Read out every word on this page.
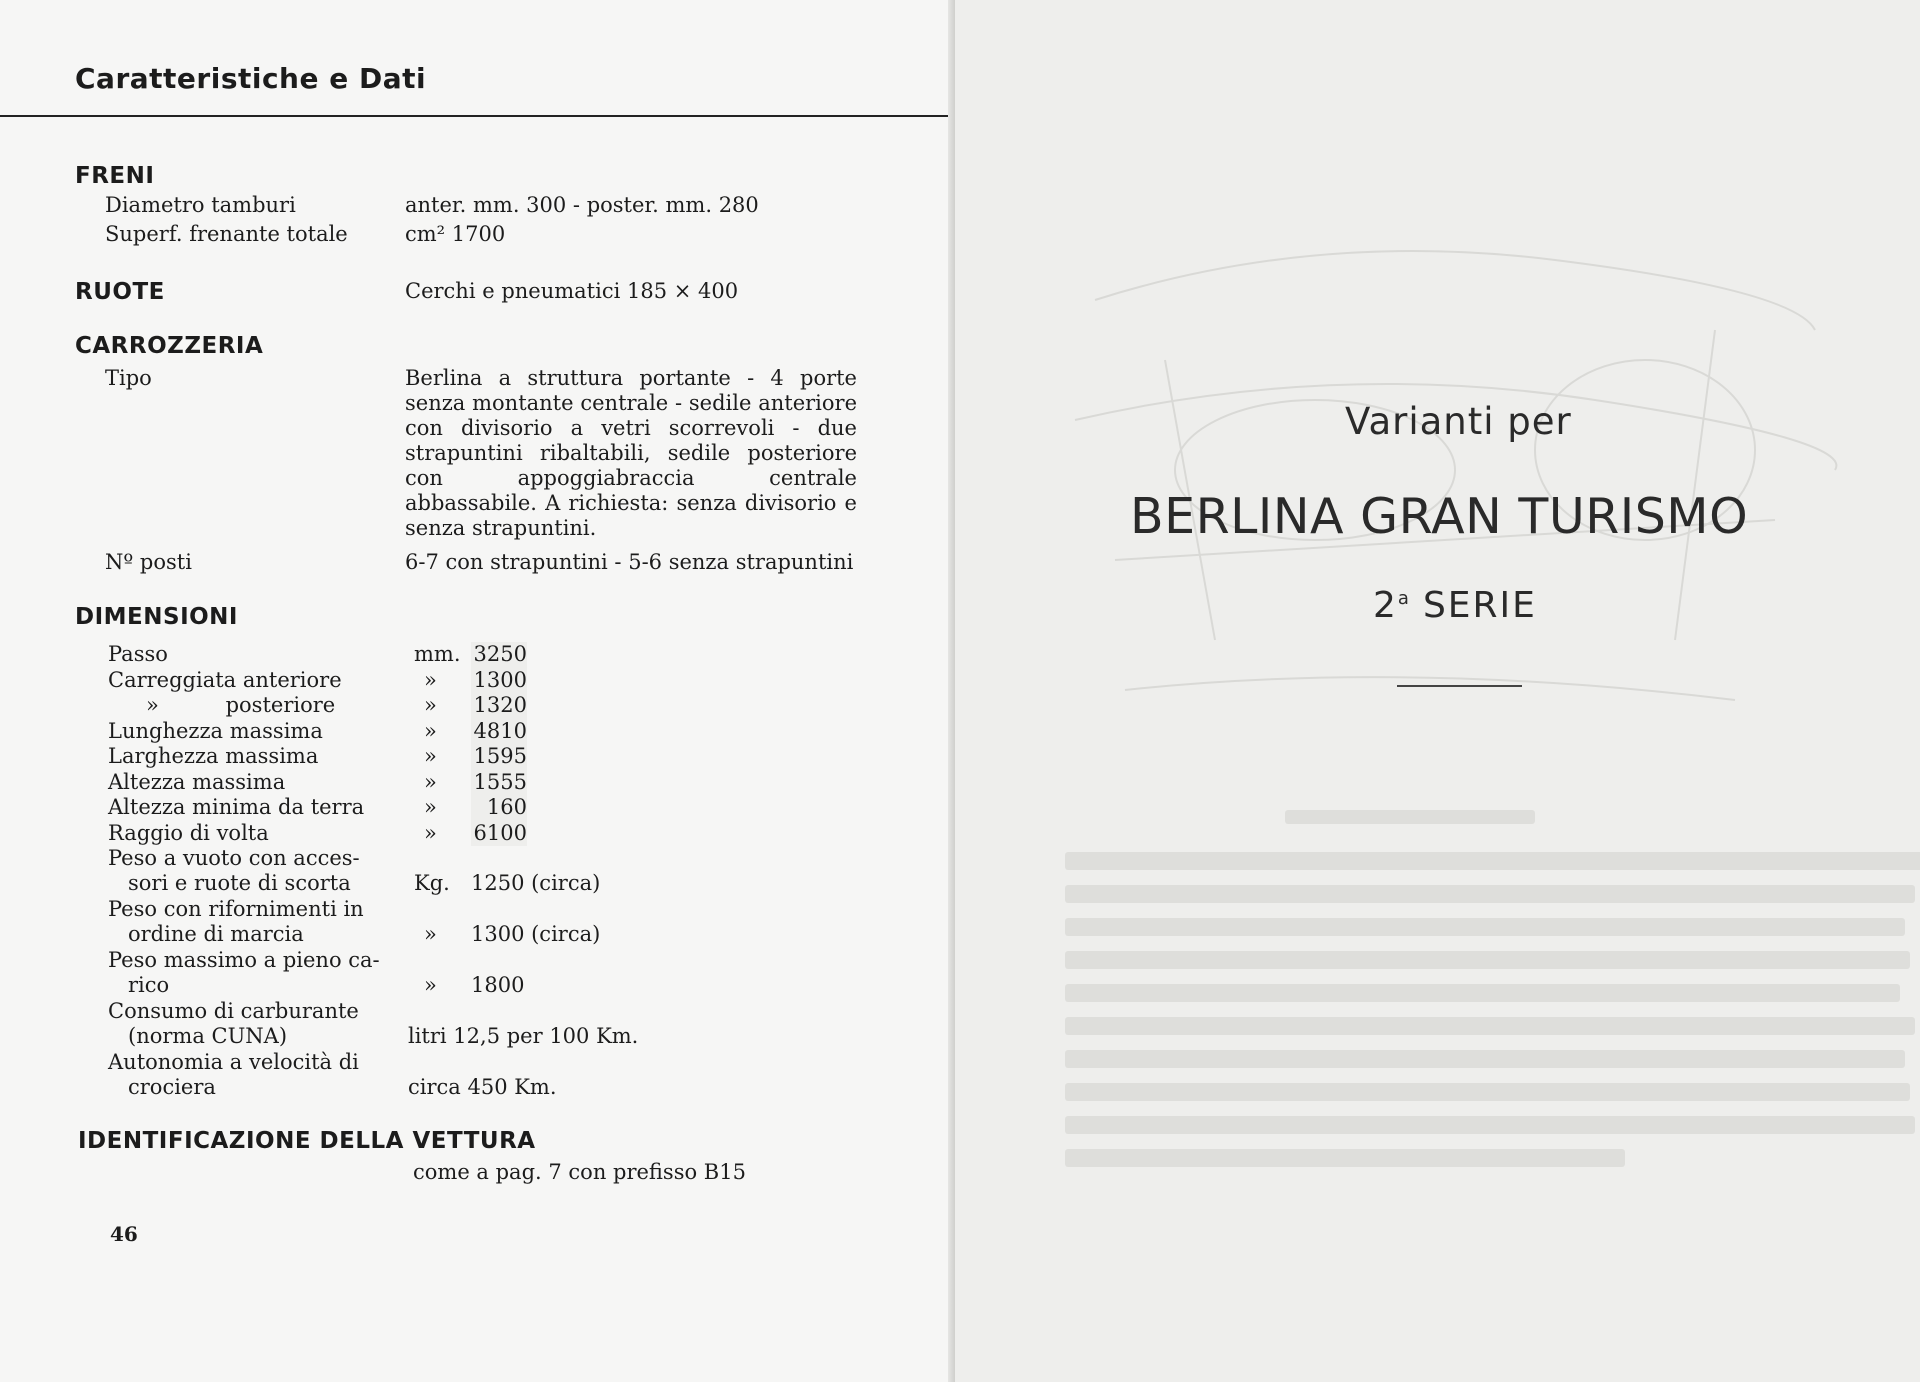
Caratteristiche e Dati
FRENI
Diametro tamburi	anter. mm. 300 - poster. mm. 280
Superf. frenante totale	cm² 1700
RUOTE	Cerchi e pneumatici 185 × 400
CARROZZERIA
Tipo	Berlina a struttura portante - 4 porte senza montante centrale - sedile anteriore con divisorio a vetri scorrevoli - due strapuntini ribaltabili, sedile posteriore con appoggiabraccia centrale abbassabile. A richiesta: senza divisorio e senza strapuntini.
Nº posti	6-7 con strapuntini - 5-6 senza strapuntini
DIMENSIONI
Passo	mm. 3250
Carreggiata anteriore	» 1300
»          posteriore	» 1320
Lunghezza massima	» 4810
Larghezza massima	» 1595
Altezza massima	» 1555
Altezza minima da terra	»	160
Raggio di volta	» 6100
Peso a vuoto con acces-
sori e ruote di scorta	Kg. 1250 (circa)
Peso con rifornimenti in
ordine di marcia	» 1300 (circa)
Peso massimo a pieno ca-
rico	» 1800
Consumo di carburante
(norma CUNA)	litri 12,5 per 100 Km.
Autonomia a velocità di
crociera	circa 450 Km.
IDENTIFICAZIONE DELLA VETTURA
come a pag. 7 con prefisso B15
46
Varianti per
BERLINA GRAN TURISMO
2$^a$ SERIE
